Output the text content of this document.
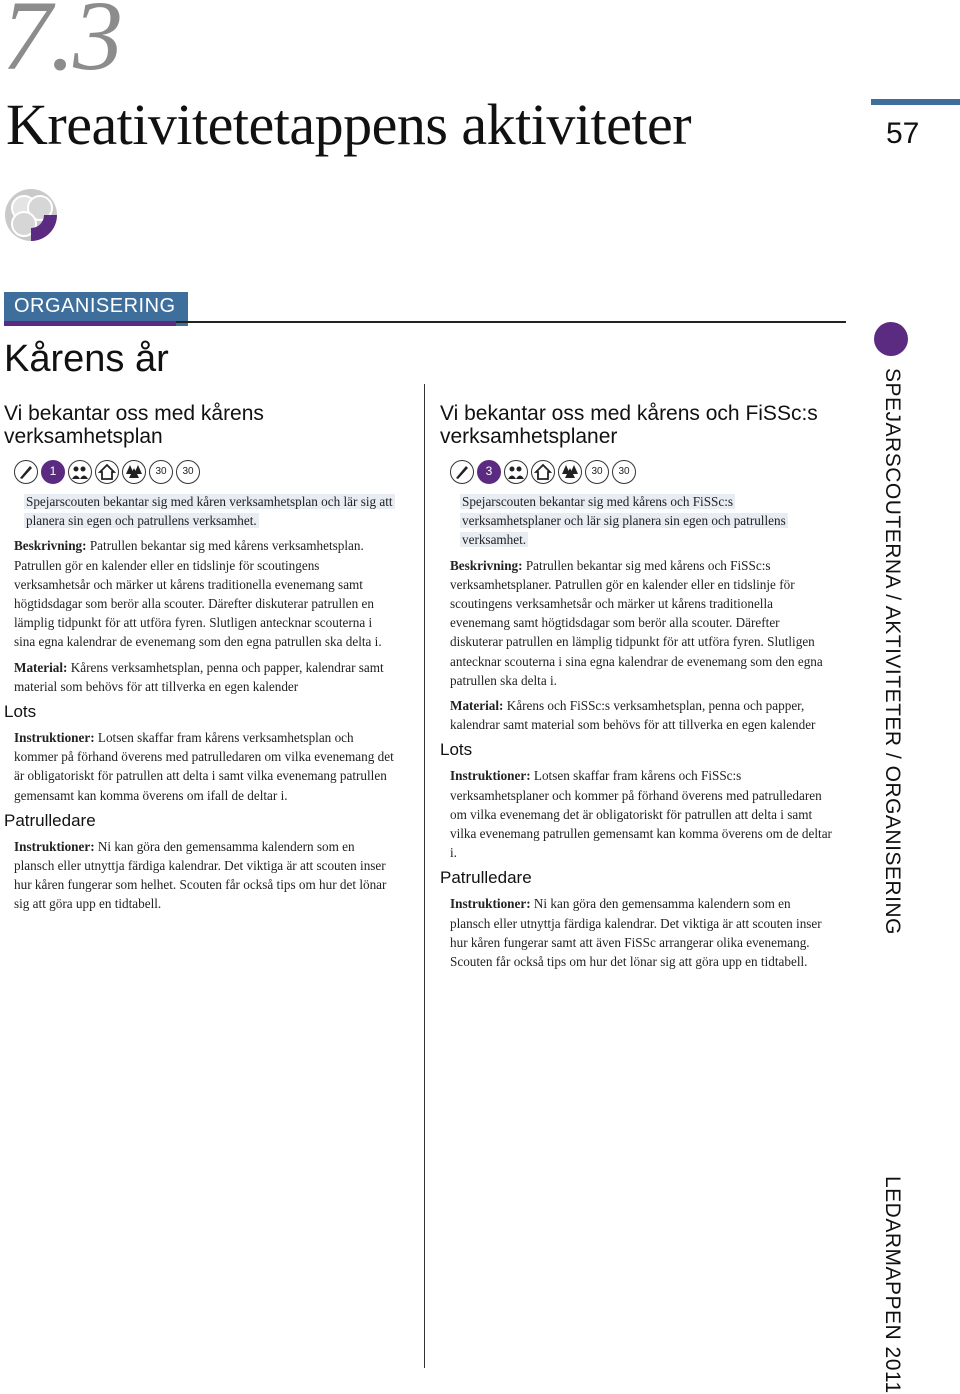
7.3
Kreativitetetappens aktiviteter	57
ORGANISERING
Kårens år
Vi bekantar oss med kårens verksamhetsplan
1	30	30
Spejarscouten bekantar sig med kåren verksamhetsplan och lär sig att planera sin egen och patrullens verksamhet.
Beskrivning: Patrullen bekantar sig med kårens verksamhetsplan. Patrullen gör en kalender eller en tidslinje för scoutingens verksamhetsår och märker ut kårens traditionella evenemang samt högtidsdagar som berör alla scouter. Därefter diskuterar patrullen en lämplig tidpunkt för att utföra fyren. Slutligen antecknar scouterna i sina egna kalendrar de evenemang som den egna patrullen ska delta i.
Material: Kårens verksamhetsplan, penna och papper, kalendrar samt material som behövs för att tillverka en egen kalender
Lots
Instruktioner: Lotsen skaffar fram kårens verksamhetsplan och kommer på förhand överens med patrulledaren om vilka evenemang det är obligatoriskt för patrullen att delta i samt vilka evenemang patrullen gemensamt kan komma överens om ifall de deltar i.
Patrulledare
Instruktioner: Ni kan göra den gemensamma kalendern som en plansch eller utnyttja färdiga kalendrar. Det viktiga är att scouten inser hur kåren fungerar som helhet. Scouten får också tips om hur det lönar sig att göra upp en tidtabell.
Vi bekantar oss med kårens och FiSSc:s verksamhetsplaner
3	30	30
Spejarscouten bekantar sig med kårens och FiSSc:s verksamhetsplaner och lär sig planera sin egen och patrullens verksamhet.
Beskrivning: Patrullen bekantar sig med kårens och FiSSc:s verksamhetsplaner. Patrullen gör en kalender eller en tidslinje för scoutingens verksamhetsår och märker ut kårens traditionella evenemang samt högtidsdagar som berör alla scouter. Därefter diskuterar patrullen en lämplig tidpunkt för att utföra fyren. Slutligen antecknar scouterna i sina egna kalendrar de evenemang som den egna patrullen ska delta i.
Material: Kårens och FiSSc:s verksamhetsplan, penna och papper, kalendrar samt material som behövs för att tillverka en egen kalender
Lots
Instruktioner: Lotsen skaffar fram kårens och FiSSc:s verksamhetsplaner och kommer på förhand överens med patrulledaren om vilka evenemang det är obligatoriskt för patrullen att delta i samt vilka evenemang patrullen gemensamt kan komma överens om de deltar i.
Patrulledare
Instruktioner: Ni kan göra den gemensamma kalendern som en plansch eller utnyttja färdiga kalendrar. Det viktiga är att scouten inser hur kåren fungerar samt att även FiSSc arrangerar olika evenemang. Scouten får också tips om hur det lönar sig att göra upp en tidtabell.
SPEJARSCOUTERNA / AKTIVITETER / ORGANISERING
LEDARMAPPEN 2011
